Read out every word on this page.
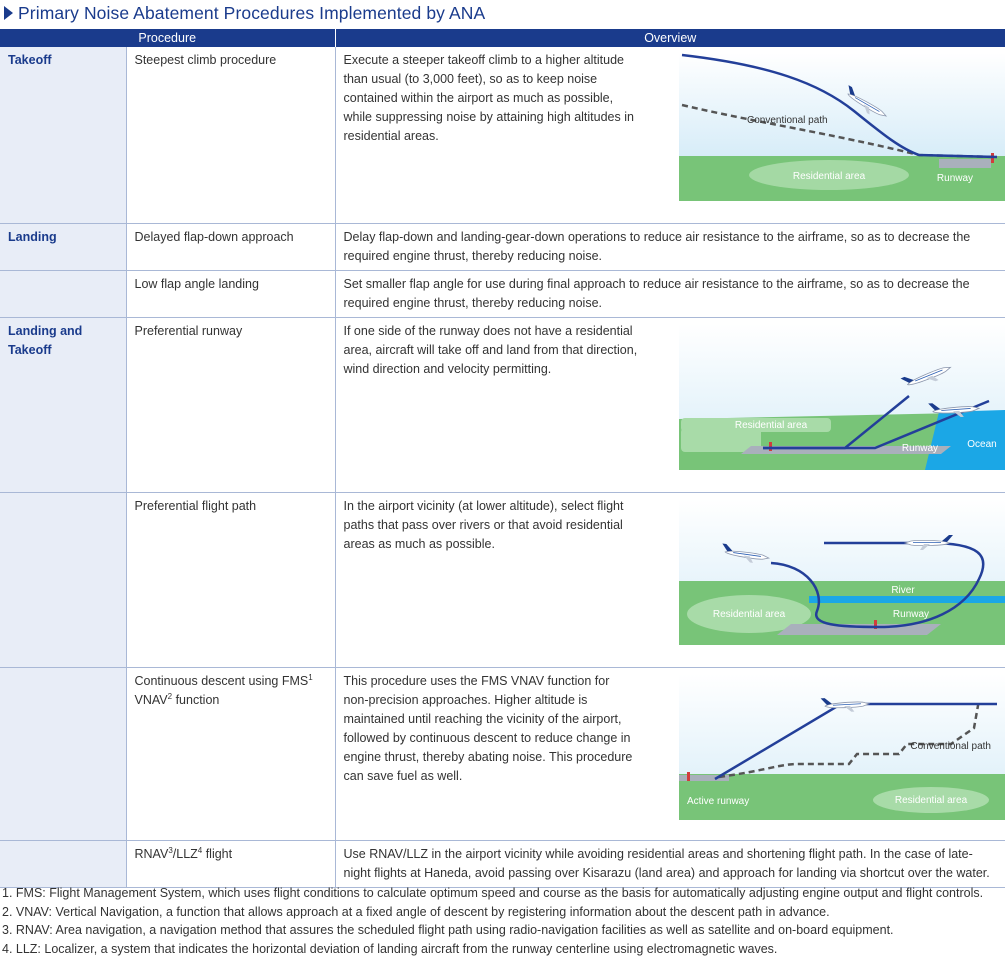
Primary Noise Abatement Procedures Implemented by ANA
Procedure		Overview
Takeoff	Steepest climb procedure	Execute a steeper takeoff climb to a higher altitude than usual (to 3,000 feet), so as to keep noise contained within the airport as much as possible, while suppressing noise by attaining high altitudes in residential areas.
Residential area Runway
Conventional path

Landing	Delayed flap-down approach	Delay flap-down and landing-gear-down operations to reduce air resistance to the airframe, so as to decrease the required engine thrust, thereby reducing noise.
	Low flap angle landing	Set smaller flap angle for use during final approach to reduce air resistance to the airframe, so as to decrease the required engine thrust, thereby reducing noise.
Landing and Takeoff	Preferential runway	If one side of the runway does not have a residential area, aircraft will take off and land from that direction, wind direction and velocity permitting.
Residential area
Runway Ocean

	Preferential flight path	In the airport vicinity (at lower altitude), select flight paths that pass over rivers or that avoid residential areas as much as possible.
River
Residential area Runway

	Continuous descent using FMS$^1$
VNAV$^2$ function	This procedure uses the FMS VNAV function for non-precision approaches. Higher altitude is maintained until reaching the vicinity of the airport, followed by continuous descent to reduce change in engine thrust, thereby abating noise. This procedure can save fuel as well.
Residential area
Active runway
Conventional path

	RNAV$^3$/LLZ$^4$ flight	Use RNAV/LLZ in the airport vicinity while avoiding residential areas and shortening flight path. In the case of late-night flights at Haneda, avoid passing over Kisarazu (land area) and approach for landing via shortcut over the water.
1. FMS: Flight Management System, which uses flight conditions to calculate optimum speed and course as the basis for automatically adjusting engine output and flight controls.
2. VNAV: Vertical Navigation, a function that allows approach at a fixed angle of descent by registering information about the descent path in advance.
3. RNAV: Area navigation, a navigation method that assures the scheduled flight path using radio-navigation facilities as well as satellite and on-board equipment.
4. LLZ: Localizer, a system that indicates the horizontal deviation of landing aircraft from the runway centerline using electromagnetic waves.
